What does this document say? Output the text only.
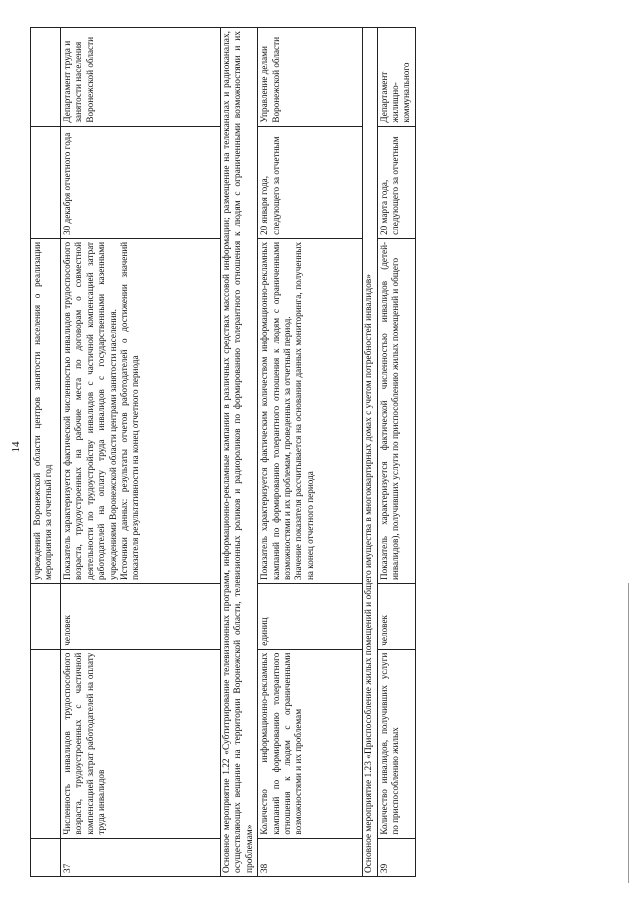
14
			учреждений Воронежской области центров занятости населения о реализации мероприятия за отчетный год		
37	Численность инвалидов трудоспособного возраста, трудоустроенных с частичной компенсацией затрат работодателей на оплату труда инвалидов	человек	Показатель характеризуется фактической численностью инвалидов трудоспособного возраста, трудоустроенных на рабочие места по договорам о совместной деятельности по трудоустройству инвалидов с частичной компенсацией затрат работодателей на оплату труда инвалидов с государственными казенными учреждениями Воронежской области центрами занятости населения. Источники данных: результаты отчетов работодателей о достижении значений показателя результативности на конец отчетного периода	30 декабря отчетного года	Департамент труда и занятости населения Воронежской области
Основное мероприятие 1.22 «Субтитрирование телевизионных программ, информационно-рекламные кампании в различных средствах массовой информации; размещение на телеканалах и радиоканалах, осуществляющих вещание на территории Воронежской области, телевизионных роликов и радиороликов по формированию толерантного отношения к людям с ограниченными возможностями и их проблемам»					
38	Количество информационно-рекламных кампаний по формированию толерантного отношения к людям с ограниченными возможностями и их проблемам	единиц	Показатель характеризуется фактическим количеством информационно-рекламных кампаний по формированию толерантного отношения к людям с ограниченными возможностями и их проблемам, проведенных за отчетный период. Значение показателя рассчитывается на основании данных мониторинга, полученных на конец отчетного периода	20 января года, следующего за отчетным	Управление делами Воронежской области
Основное мероприятие 1.23 «Приспособление жилых помещений и общего имущества в многоквартирных домах с учетом потребностей инвалидов»					
39	Количество инвалидов, получивших услуги по приспособлению жилых	человек	Показатель характеризуется фактической численностью инвалидов (детей-инвалидов), получивших услуги по приспособлению жилых помещений и общего	20 марта года, следующего за отчетным	Департамент жилищно-коммунального
